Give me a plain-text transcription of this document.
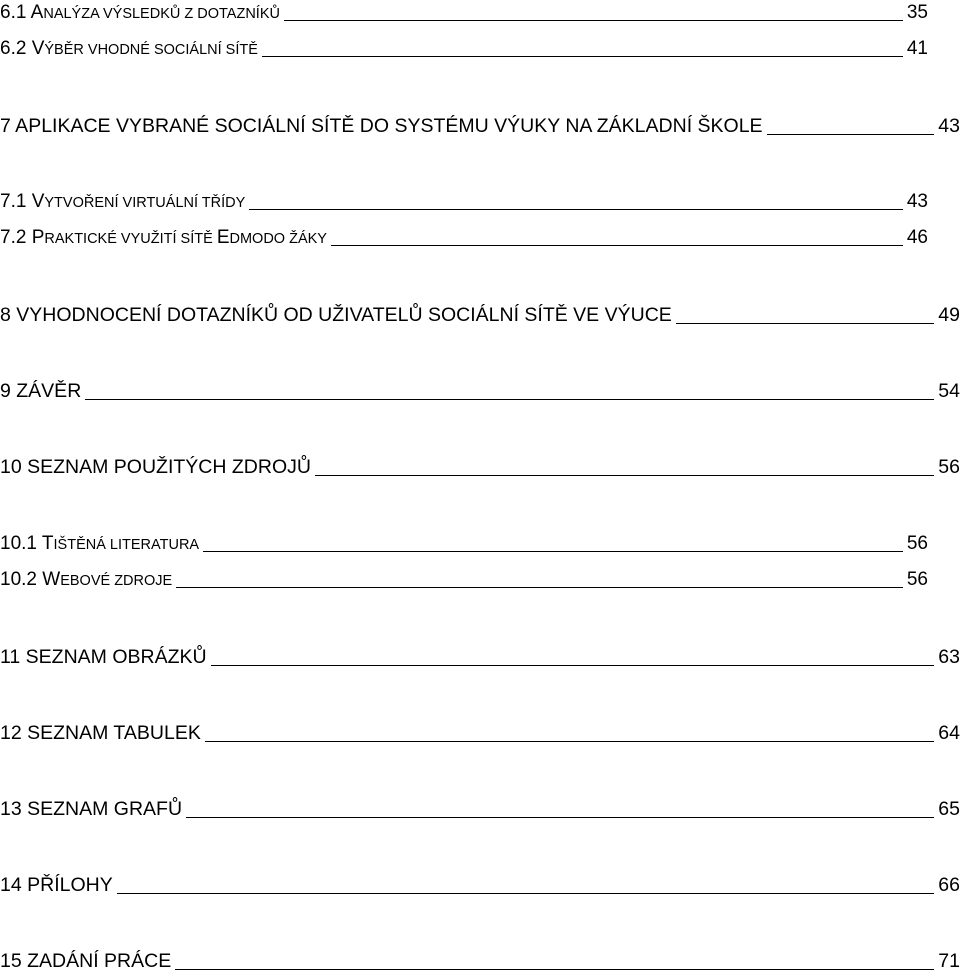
6.1 ANALÝZA VÝSLEDKŮ Z DOTAZNÍKŮ	35
6.2 VÝBĚR VHODNÉ SOCIÁLNÍ SÍTĚ	41
7 APLIKACE VYBRANÉ SOCIÁLNÍ SÍTĚ DO SYSTÉMU VÝUKY NA ZÁKLADNÍ ŠKOLE	43
7.1 VYTVOŘENÍ VIRTUÁLNÍ TŘÍDY	43
7.2 PRAKTICKÉ VYUŽITÍ SÍTĚ EDMODO ŽÁKY	46
8 VYHODNOCENÍ DOTAZNÍKŮ OD UŽIVATELŮ SOCIÁLNÍ SÍTĚ VE VÝUCE	49
9 ZÁVĚR	54
10 SEZNAM POUŽITÝCH ZDROJŮ	56
10.1 TIŠTĚNÁ LITERATURA	56
10.2 WEBOVÉ ZDROJE	56
11 SEZNAM OBRÁZKŮ	63
12 SEZNAM TABULEK	64
13 SEZNAM GRAFŮ	65
14 PŘÍLOHY	66
15 ZADÁNÍ PRÁCE	71
